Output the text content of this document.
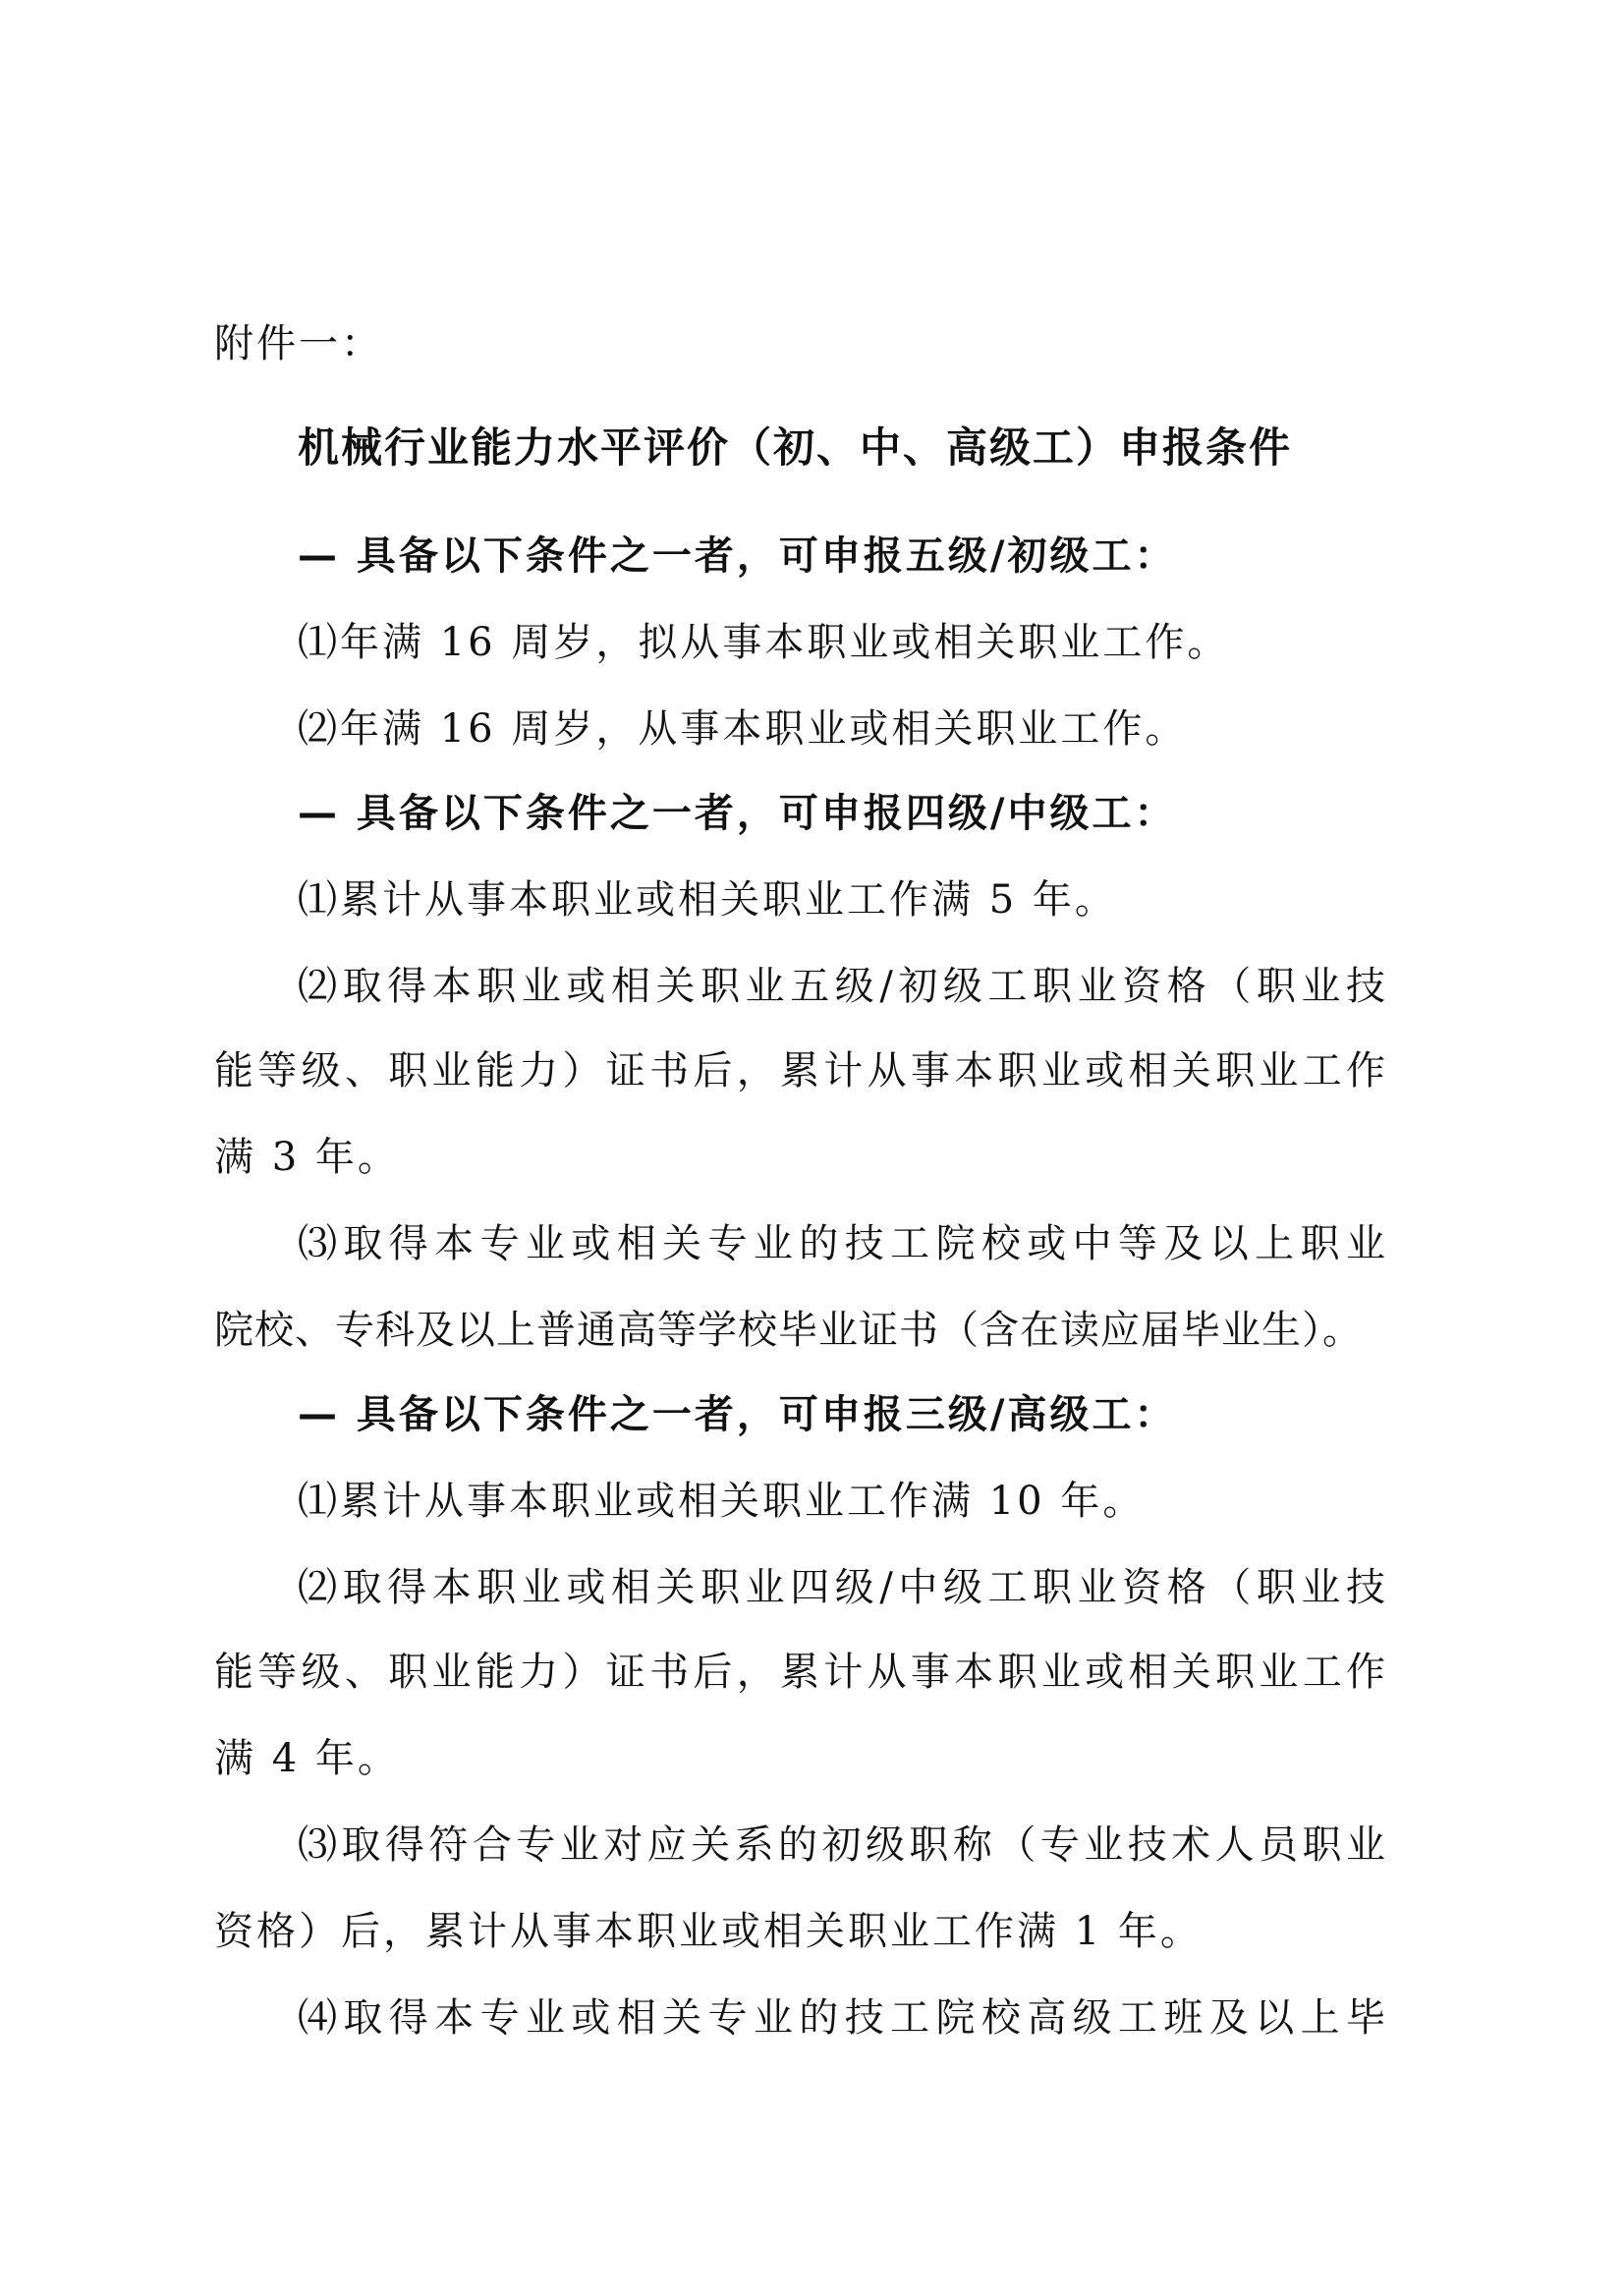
附件一：
机械行业能力水平评价（初、中、高级工）申报条件
— 具备以下条件之一者，可申报五级/初级工：
⑴年满 16 周岁，拟从事本职业或相关职业工作。
⑵年满 16 周岁，从事本职业或相关职业工作。
— 具备以下条件之一者，可申报四级/中级工：
⑴累计从事本职业或相关职业工作满 5 年。
⑵取得本职业或相关职业五级/初级工职业资格（职业技
能等级、职业能力）证书后，累计从事本职业或相关职业工作
满 3 年。
⑶取得本专业或相关专业的技工院校或中等及以上职业
院校、专科及以上普通高等学校毕业证书（含在读应届毕业生）。
— 具备以下条件之一者，可申报三级/高级工：
⑴累计从事本职业或相关职业工作满 10 年。
⑵取得本职业或相关职业四级/中级工职业资格（职业技
能等级、职业能力）证书后，累计从事本职业或相关职业工作
满 4 年。
⑶取得符合专业对应关系的初级职称（专业技术人员职业
资格）后，累计从事本职业或相关职业工作满 1 年。
⑷取得本专业或相关专业的技工院校高级工班及以上毕
